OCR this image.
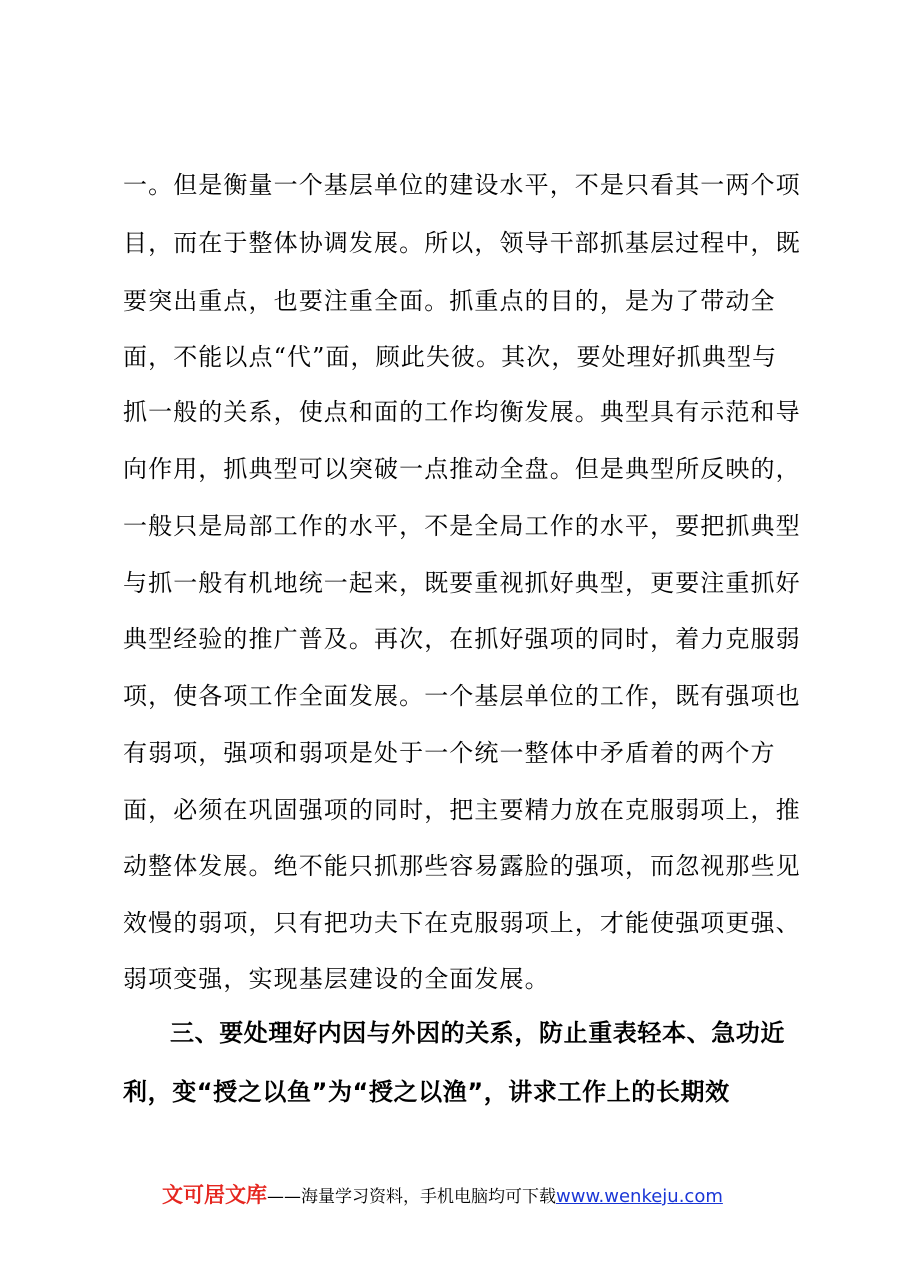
一。但是衡量一个基层单位的建设水平，不是只看其一两个项
目，而在于整体协调发展。所以，领导干部抓基层过程中，既
要突出重点，也要注重全面。抓重点的目的，是为了带动全
面，不能以点“代”面，顾此失彼。其次，要处理好抓典型与
抓一般的关系，使点和面的工作均衡发展。典型具有示范和导
向作用，抓典型可以突破一点推动全盘。但是典型所反映的，
一般只是局部工作的水平，不是全局工作的水平，要把抓典型
与抓一般有机地统一起来，既要重视抓好典型，更要注重抓好
典型经验的推广普及。再次，在抓好强项的同时，着力克服弱
项，使各项工作全面发展。一个基层单位的工作，既有强项也
有弱项，强项和弱项是处于一个统一整体中矛盾着的两个方
面，必须在巩固强项的同时，把主要精力放在克服弱项上，推
动整体发展。绝不能只抓那些容易露脸的强项，而忽视那些见
效慢的弱项，只有把功夫下在克服弱项上，才能使强项更强、
弱项变强，实现基层建设的全面发展。
三、要处理好内因与外因的关系，防止重表轻本、急功近
利，变“授之以鱼”为“授之以渔”，讲求工作上的长期效
文可居文库——海量学习资料，手机电脑均可下载www.wenkeju.com
